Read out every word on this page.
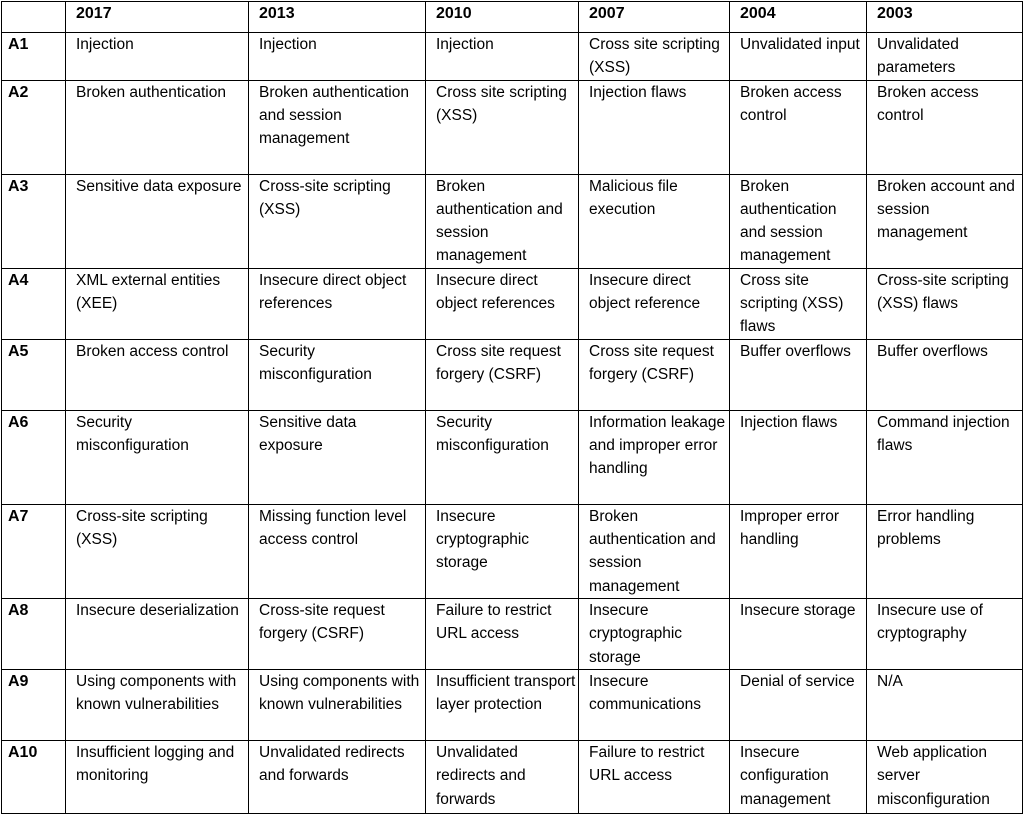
	2017	2013	2010	2007	2004	2003
A1	Injection	Injection	Injection	Cross site scripting (XSS)	Unvalidated input	Unvalidated parameters
A2	Broken authentication	Broken authentication and session management	Cross site scripting (XSS)	Injection flaws	Broken access control	Broken access control
A3	Sensitive data exposure	Cross-site scripting (XSS)	Broken authentication and session management	Malicious file execution	Broken authentication and session management	Broken account and session management
A4	XML external entities (XEE)	Insecure direct object references	Insecure direct object references	Insecure direct object reference	Cross site scripting (XSS) flaws	Cross-site scripting (XSS) flaws
A5	Broken access control	Security misconfiguration	Cross site request forgery (CSRF)	Cross site request forgery (CSRF)	Buffer overflows	Buffer overflows
A6	Security misconfiguration	Sensitive data exposure	Security misconfiguration	Information leakage and improper error handling	Injection flaws	Command injection flaws
A7	Cross-site scripting (XSS)	Missing function level access control	Insecure cryptographic storage	Broken authentication and session management	Improper error handling	Error handling problems
A8	Insecure deserialization	Cross-site request forgery (CSRF)	Failure to restrict URL access	Insecure cryptographic storage	Insecure storage	Insecure use of cryptography
A9	Using components with known vulnerabilities	Using components with known vulnerabilities	Insufficient transport layer protection	Insecure communications	Denial of service	N/A
A10	Insufficient logging and monitoring	Unvalidated redirects and forwards	Unvalidated redirects and forwards	Failure to restrict URL access	Insecure configuration management	Web application server misconfiguration
